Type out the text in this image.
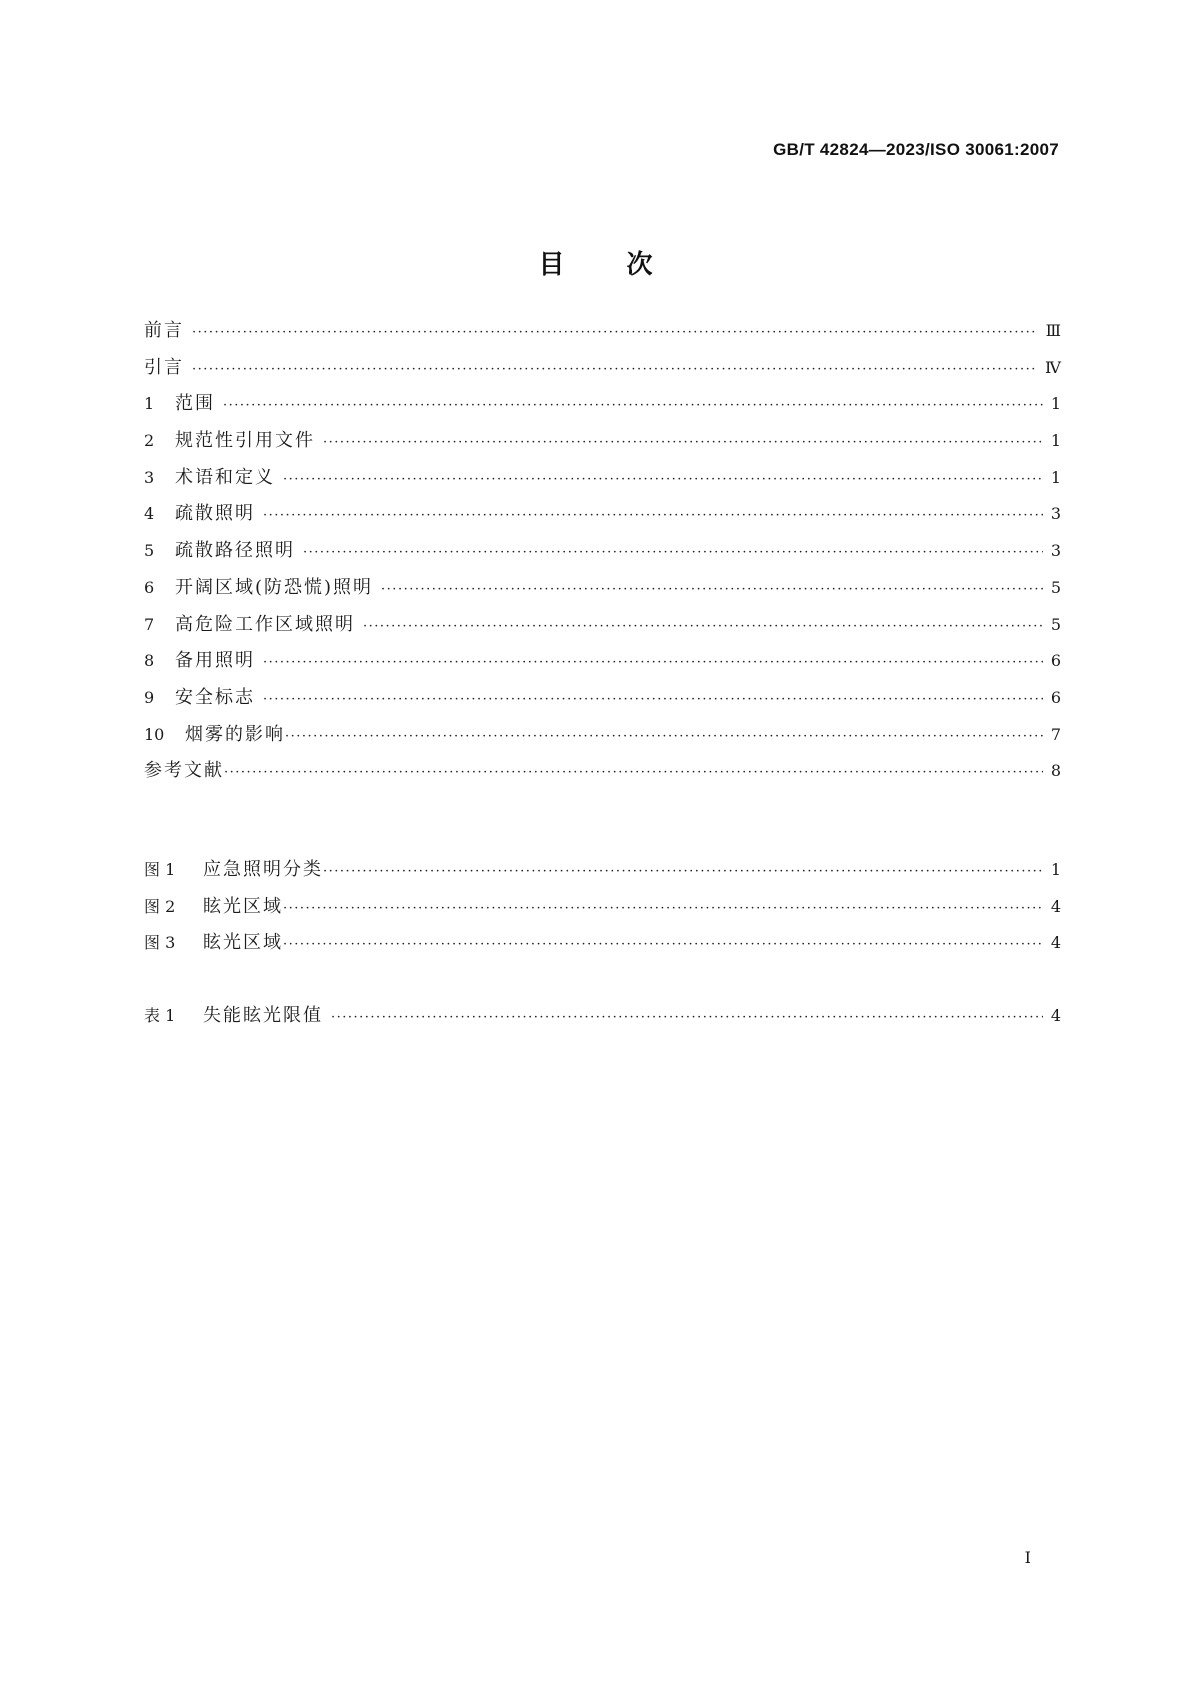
GB/T 42824—2023/ISO 30061:2007
目次
前言 ·····	Ⅲ
引言 ·····	Ⅳ
1	范围 ·····	1
2	规范性引用文件 ·····	1
3	术语和定义 ·····	1
4	疏散照明 ·····	3
5	疏散路径照明 ·····	3
6	开阔区域(防恐慌)照明 ·····	5
7	高危险工作区域照明 ·····	5
8	备用照明 ·····	6
9	安全标志 ·····	6
10	烟雾的影响 ·····	7
参考文献 ·····	8
图 1	应急照明分类 ·····	1
图 2	眩光区域 ·····	4
图 3	眩光区域 ·····	4
表 1	失能眩光限值 ·····	4
Ⅰ
